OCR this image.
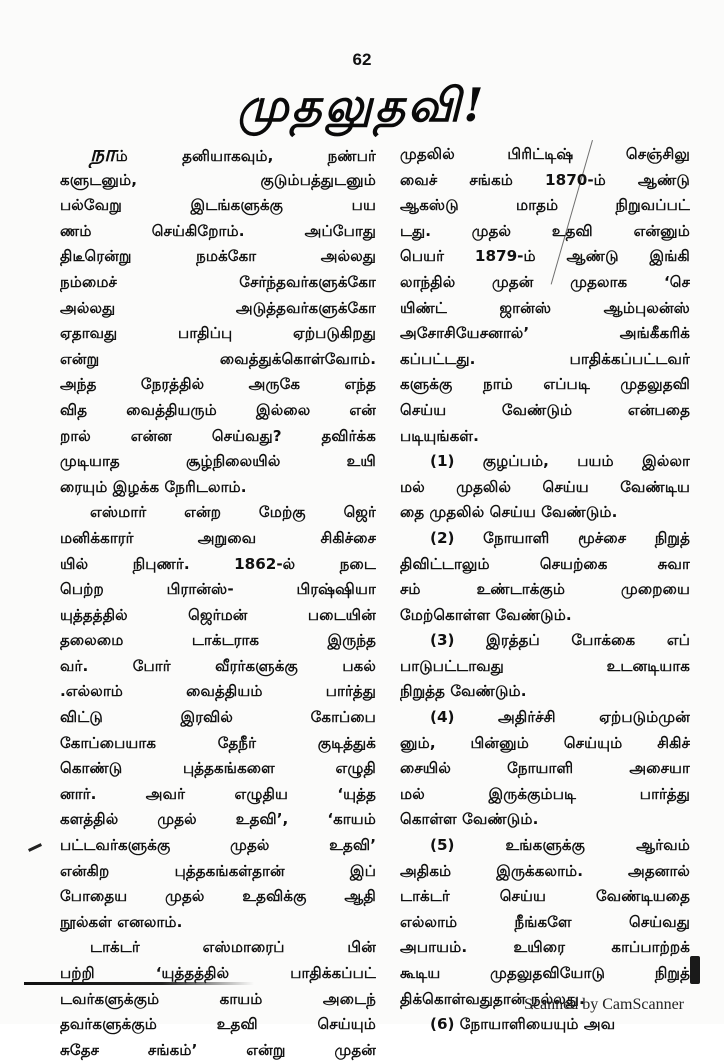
62
முதலுதவி!
நாம் தனியாகவும், நண்பர்
களுடனும், குடும்பத்துடனும்
பல்வேறு இடங்களுக்கு பய
ணம் செய்கிறோம். அப்போது
திடீரென்று நமக்கோ அல்லது
நம்மைச் சேர்ந்தவர்களுக்கோ
அல்லது அடுத்தவர்களுக்கோ
ஏதாவது பாதிப்பு ஏற்படுகிறது
என்று வைத்துக்கொள்வோம்.
அந்த நேரத்தில் அருகே எந்த
வித வைத்தியரும் இல்லை என்
றால் என்ன செய்வது? தவிர்க்க
முடியாத சூழ்நிலையில் உயி
ரையும் இழக்க நேரிடலாம்.
எஸ்மார் என்ற மேற்கு ஜெர்
மனிக்காரர் அறுவை சிகிச்சை
யில் நிபுணர். 1862-ல் நடை
பெற்ற பிரான்ஸ்- பிரஷ்ஷியா
யுத்தத்தில் ஜெர்மன் படையின்
தலைமை டாக்டராக இருந்த
வர். போர் வீரர்களுக்கு பகல்
.எல்லாம் வைத்தியம் பார்த்து
விட்டு இரவில் கோப்பை
கோப்பையாக தேநீர் குடித்துக்
கொண்டு புத்தகங்களை எழுதி
னார். அவர் எழுதிய ‘யுத்த
களத்தில் முதல் உதவி’, ‘காயம்
பட்டவர்களுக்கு முதல் உதவி’
என்கிற புத்தகங்கள்தான் இப்
போதைய முதல் உதவிக்கு ஆதி
நூல்கள் எனலாம்.
டாக்டர் எஸ்மாரைப் பின்
பற்றி ‘யுத்தத்தில் பாதிக்கப்பட்
டவர்களுக்கும் காயம் அடைந்
தவர்களுக்கும் உதவி செய்யும்
சுதேச சங்கம்’ என்று முதன்
முதலில் பிரிட்டிஷ் செஞ்சிலு
வைச் சங்கம் 1870-ம் ஆண்டு
ஆகஸ்டு மாதம் நிறுவப்பட்
டது. முதல் உதவி என்னும்
பெயர் 1879-ம் ஆண்டு இங்கி
லாந்தில் முதன் முதலாக ‘செ
யிண்ட் ஜான்ஸ் ஆம்புலன்ஸ்
அசோசியேசனால்’ அங்கீகரிக்
கப்பட்டது. பாதிக்கப்பட்டவர்
களுக்கு நாம் எப்படி முதலுதவி
செய்ய வேண்டும் என்பதை
படியுங்கள்.
(1) குழப்பம், பயம் இல்லா
மல் முதலில் செய்ய வேண்டிய
தை முதலில் செய்ய வேண்டும்.
(2) நோயாளி மூச்சை நிறுத்
திவிட்டாலும் செயற்கை சுவா
சம் உண்டாக்கும் முறையை
மேற்கொள்ள வேண்டும்.
(3) இரத்தப் போக்கை எப்
பாடுபட்டாவது உடனடியாக
நிறுத்த வேண்டும்.
(4) அதிர்ச்சி ஏற்படும்முன்
னும், பின்னும் செய்யும் சிகிச்
சையில் நோயாளி அசையா
மல் இருக்கும்படி பார்த்து
கொள்ள வேண்டும்.
(5) உங்களுக்கு ஆர்வம்
அதிகம் இருக்கலாம். அதனால்
டாக்டர் செய்ய வேண்டியதை
எல்லாம் நீங்களே செய்வது
அபாயம். உயிரை காப்பாற்றக்
கூடிய முதலுதவியோடு நிறுத்
திக்கொள்வதுதான் நல்லது.
(6) நோயாளியையும் அவ
Scanned by CamScanner
